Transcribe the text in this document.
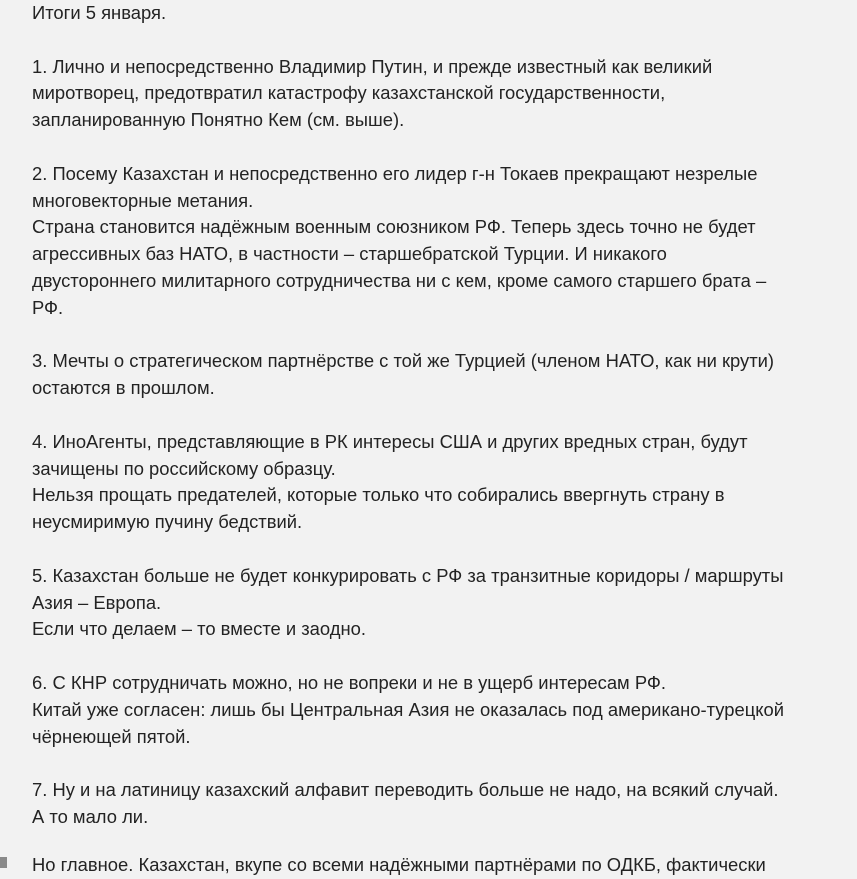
Итоги 5 января.
1. Лично и непосредственно Владимир Путин, и прежде известный как великий
миротворец, предотвратил катастрофу казахстанской государственности,
запланированную Понятно Кем (см. выше).
2. Посему Казахстан и непосредственно его лидер г-н Токаев прекращают незрелые
многовекторные метания.
Страна становится надёжным военным союзником РФ. Теперь здесь точно не будет
агрессивных баз НАТО, в частности – старшебратской Турции. И никакого
двустороннего милитарного сотрудничества ни с кем, кроме самого старшего брата –
РФ.
3. Мечты о стратегическом партнёрстве с той же Турцией (членом НАТО, как ни крути)
остаются в прошлом.
4. ИноАгенты, представляющие в РК интересы США и других вредных стран, будут
зачищены по российскому образцу.
Нельзя прощать предателей, которые только что собирались ввергнуть страну в
неусмиримую пучину бедствий.
5. Казахстан больше не будет конкурировать с РФ за транзитные коридоры / маршруты
Азия – Европа.
Если что делаем – то вместе и заодно.
6. С КНР сотрудничать можно, но не вопреки и не в ущерб интересам РФ.
Китай уже согласен: лишь бы Центральная Азия не оказалась под американо-турецкой
чёрнеющей пятой.
7. Ну и на латиницу казахский алфавит переводить больше не надо, на всякий случай.
А то мало ли.
Но главное. Казахстан, вкупе со всеми надёжными партнёрами по ОДКБ, фактически
